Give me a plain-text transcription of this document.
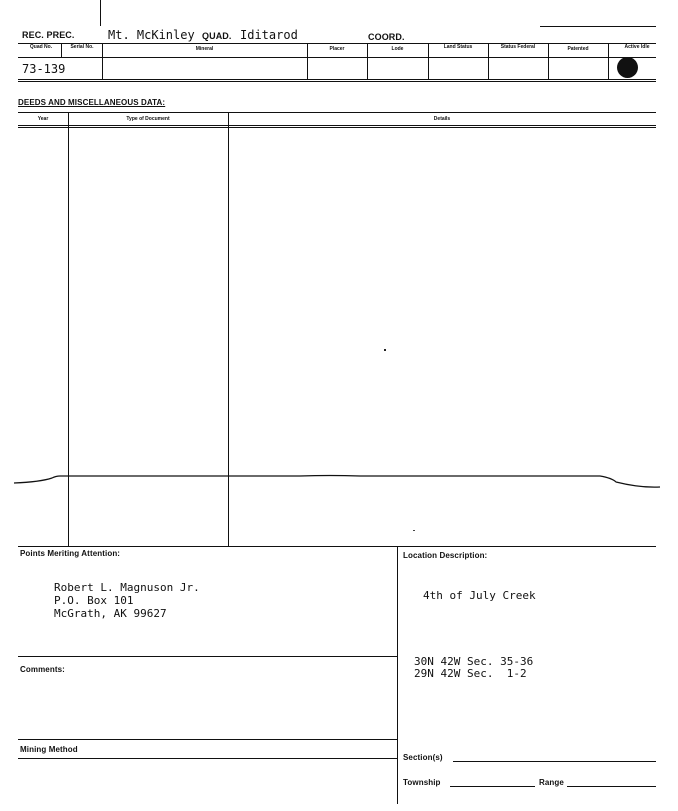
REC. PREC.	Mt. McKinley QUAD. Iditarod	COORD.
Quad No.	Serial No.	Mineral	Placer	Lode	Land Status	Status Federal	Patented	Active Idle
73-139
DEEDS AND MISCELLANEOUS DATA:
Year	Type of Document	Details
Points Meriting Attention:
Robert L. Magnuson Jr.
P.O. Box 101
McGrath, AK 99627
Location Description:
4th of July Creek
30N 42W Sec. 35-36
29N 42W Sec.  1-2
Comments:
Mining Method
Section(s)
Township	Range
